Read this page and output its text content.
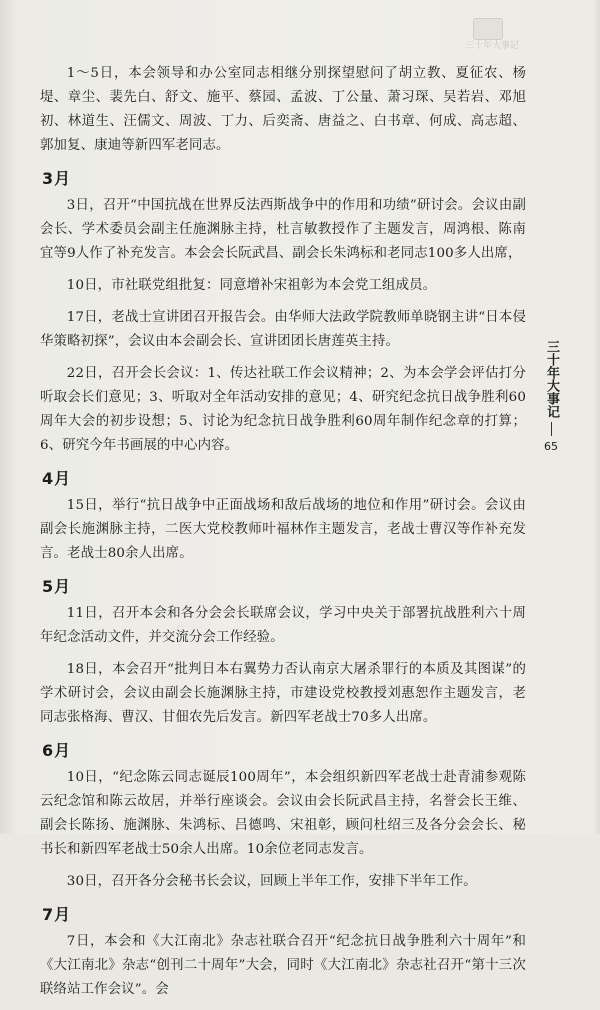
三十年大事记

1～5日，本会领导和办公室同志相继分别探望慰问了胡立教、夏征农、杨堤、章尘、裴先白、舒文、施平、蔡园、孟波、丁公量、萧习琛、吴若岩、邓旭初、林道生、汪儒文、周波、丁力、后奕斋、唐益之、白书章、何成、高志超、郭加复、康迪等新四军老同志。

3月

3日，召开“中国抗战在世界反法西斯战争中的作用和功绩”研讨会。会议由副会长、学术委员会副主任施渊脉主持，杜言敏教授作了主题发言，周鸿根、陈南宜等9人作了补充发言。本会会长阮武昌、副会长朱鸿标和老同志100多人出席，

10日，市社联党组批复：同意增补宋祖彰为本会党工组成员。

17日，老战士宣讲团召开报告会。由华师大法政学院教师单晓钢主讲“日本侵华策略初探”，会议由本会副会长、宣讲团团长唐莲英主持。

22日，召开会长会议：1、传达社联工作会议精神；2、为本会学会评估打分听取会长们意见；3、听取对全年活动安排的意见；4、研究纪念抗日战争胜利60周年大会的初步设想；5、讨论为纪念抗日战争胜利60周年制作纪念章的打算；6、研究今年书画展的中心内容。

4月

15日，举行“抗日战争中正面战场和敌后战场的地位和作用”研讨会。会议由副会长施渊脉主持，二医大党校教师叶福林作主题发言，老战士曹汉等作补充发言。老战士80余人出席。

5月

11日，召开本会和各分会会长联席会议，学习中央关于部署抗战胜利六十周年纪念活动文件，并交流分会工作经验。

18日，本会召开“批判日本右翼势力否认南京大屠杀罪行的本质及其图谋”的学术研讨会，会议由副会长施渊脉主持，市建设党校教授刘惠恕作主题发言，老同志张格海、曹汉、甘佃农先后发言。新四军老战士70多人出席。

6月

10日，“纪念陈云同志诞辰100周年”，本会组织新四军老战士赴青浦参观陈云纪念馆和陈云故居，并举行座谈会。会议由会长阮武昌主持，名誉会长王维、副会长陈扬、施渊脉、朱鸿标、吕德鸣、宋祖彰，顾问杜绍三及各分会会长、秘书长和新四军老战士50余人出席。10余位老同志发言。

30日，召开各分会秘书长会议，回顾上半年工作，安排下半年工作。

7月

7日，本会和《大江南北》杂志社联合召开“纪念抗日战争胜利六十周年”和《大江南北》杂志“创刊二十周年”大会，同时《大江南北》杂志社召开“第十三次联络站工作会议”。会

三十年大事记
65
